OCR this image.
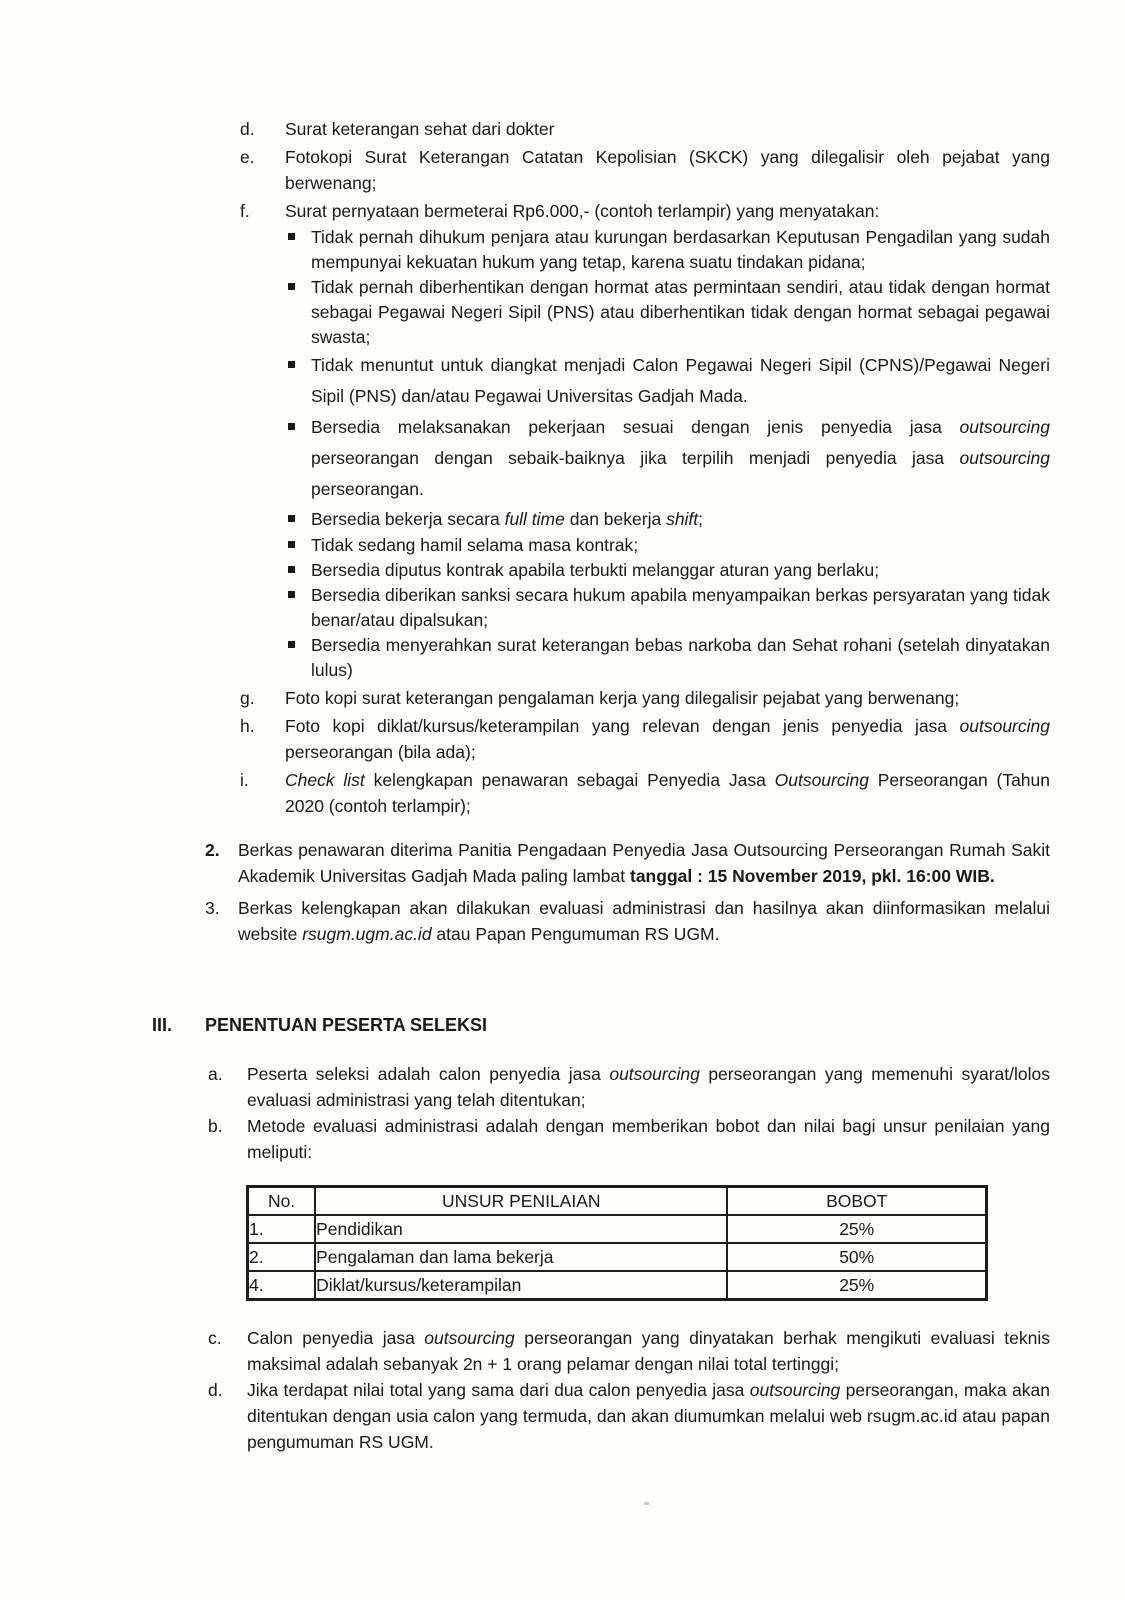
d.	Surat keterangan sehat dari dokter
e.	Fotokopi Surat Keterangan Catatan Kepolisian (SKCK) yang dilegalisir oleh pejabat yang berwenang;
f.	Surat pernyataan bermeterai Rp6.000,- (contoh terlampir) yang menyatakan:
Tidak pernah dihukum penjara atau kurungan berdasarkan Keputusan Pengadilan yang sudah mempunyai kekuatan hukum yang tetap, karena suatu tindakan pidana;
Tidak pernah diberhentikan dengan hormat atas permintaan sendiri, atau tidak dengan hormat sebagai Pegawai Negeri Sipil (PNS) atau diberhentikan tidak dengan hormat sebagai pegawai swasta;
Tidak menuntut untuk diangkat menjadi Calon Pegawai Negeri Sipil (CPNS)/Pegawai Negeri Sipil (PNS) dan/atau Pegawai Universitas Gadjah Mada.
Bersedia melaksanakan pekerjaan sesuai dengan jenis penyedia jasa outsourcing perseorangan dengan sebaik-baiknya jika terpilih menjadi penyedia jasa outsourcing perseorangan.
Bersedia bekerja secara full time dan bekerja shift;
Tidak sedang hamil selama masa kontrak;
Bersedia diputus kontrak apabila terbukti melanggar aturan yang berlaku;
Bersedia diberikan sanksi secara hukum apabila menyampaikan berkas persyaratan yang tidak benar/atau dipalsukan;
Bersedia menyerahkan surat keterangan bebas narkoba dan Sehat rohani (setelah dinyatakan lulus)
g.	Foto kopi surat keterangan pengalaman kerja yang dilegalisir pejabat yang berwenang;
h.	Foto kopi diklat/kursus/keterampilan yang relevan dengan jenis penyedia jasa outsourcing perseorangan (bila ada);
i.	Check list kelengkapan penawaran sebagai Penyedia Jasa Outsourcing Perseorangan (Tahun 2020 (contoh terlampir);
2.	Berkas penawaran diterima Panitia Pengadaan Penyedia Jasa Outsourcing Perseorangan Rumah Sakit Akademik Universitas Gadjah Mada paling lambat tanggal : 15 November 2019, pkl. 16:00 WIB.
3.	Berkas kelengkapan akan dilakukan evaluasi administrasi dan hasilnya akan diinformasikan melalui website rsugm.ugm.ac.id atau Papan Pengumuman RS UGM.
III.	PENENTUAN PESERTA SELEKSI
a.	Peserta seleksi adalah calon penyedia jasa outsourcing perseorangan yang memenuhi syarat/lolos evaluasi administrasi yang telah ditentukan;
b.	Metode evaluasi administrasi adalah dengan memberikan bobot dan nilai bagi unsur penilaian yang meliputi:
No.	UNSUR PENILAIAN	BOBOT
1.	Pendidikan	25%
2.	Pengalaman dan lama bekerja	50%
4.	Diklat/kursus/keterampilan	25%
c.	Calon penyedia jasa outsourcing perseorangan yang dinyatakan berhak mengikuti evaluasi teknis maksimal adalah sebanyak 2n + 1 orang pelamar dengan nilai total tertinggi;
d.	Jika terdapat nilai total yang sama dari dua calon penyedia jasa outsourcing perseorangan, maka akan ditentukan dengan usia calon yang termuda, dan akan diumumkan melalui web rsugm.ac.id atau papan pengumuman RS UGM.
